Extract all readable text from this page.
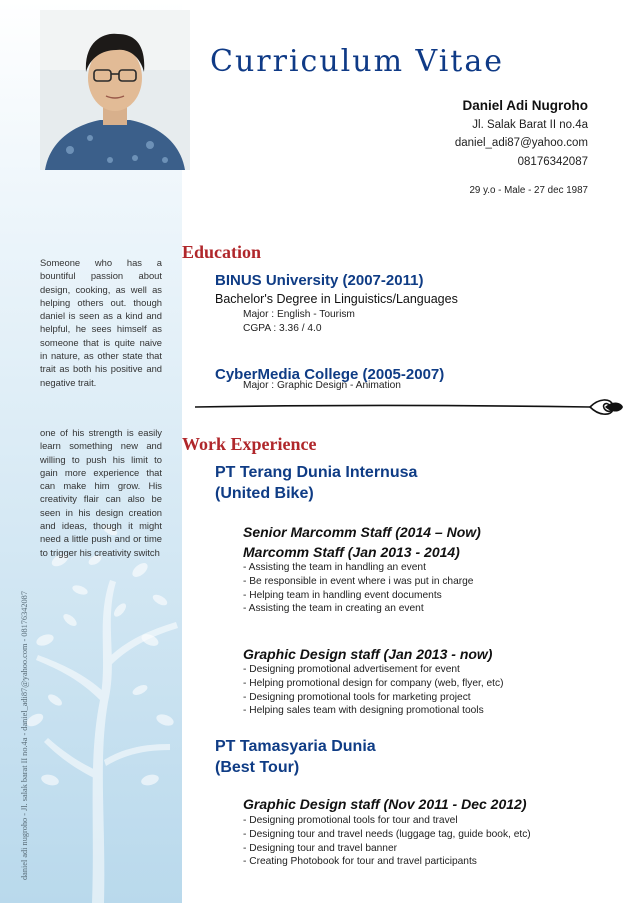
daniel adi nugroho - Jl. salak barat II no.4a - daniel_adi87@yahoo.com - 08176342087
Someone who has a bountiful passion about design, cooking, as well as helping others out. though daniel is seen as a kind and helpful, he sees himself as someone that is quite naive in nature, as other state that trait as both his positive and negative trait.
one of his strength is easily learn something new and willing to push his limit to gain more experience that can make him grow. His creativity flair can also be seen in his design creation and ideas, though it might need a little push and or time to trigger his creativity switch
Curriculum Vitae
Daniel Adi Nugroho
Jl. Salak Barat II no.4a
daniel_adi87@yahoo.com
08176342087
29 y.o - Male - 27 dec 1987
Education
BINUS University (2007-2011)
Bachelor's Degree in Linguistics/Languages
Major : English - Tourism
CGPA : 3.36 / 4.0
CyberMedia College (2005-2007)
Major : Graphic Design - Animation
Work Experience
PT Terang Dunia Internusa
(United Bike)
Senior Marcomm Staff (2014 – Now)
Marcomm Staff (Jan 2013 - 2014)
- Assisting the team in handling an event
- Be responsible in event where i was put in charge
- Helping team in handling event documents
- Assisting the team in creating an event
Graphic Design staff (Jan 2013 - now)
- Designing promotional advertisement for event
- Helping promotional design for company (web, flyer, etc)
- Designing promotional tools for marketing project
- Helping sales team with designing promotional tools
PT Tamasyaria Dunia
(Best Tour)
Graphic Design staff (Nov 2011 - Dec 2012)
- Designing promotional tools for tour and travel
- Designing tour and travel needs (luggage tag, guide book, etc)
- Designing tour and travel banner
- Creating Photobook for tour and travel participants
